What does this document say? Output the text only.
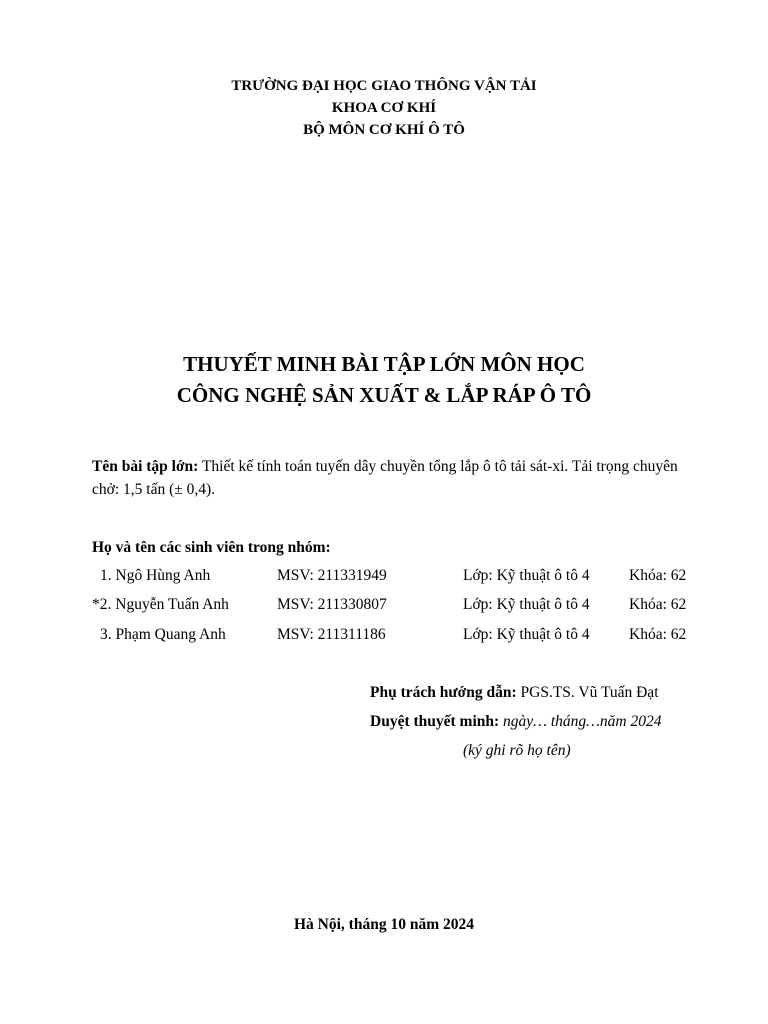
TRƯỜNG ĐẠI HỌC GIAO THÔNG VẬN TẢI
KHOA CƠ KHÍ
BỘ MÔN CƠ KHÍ Ô TÔ
THUYẾT MINH BÀI TẬP LỚN MÔN HỌC
CÔNG NGHỆ SẢN XUẤT & LẮP RÁP Ô TÔ
Tên bài tập lớn: Thiết kế tính toán tuyến dây chuyền tổng lắp ô tô tải sát-xi. Tải trọng chuyên chở: 1,5 tấn (± 0,4).
Họ và tên các sinh viên trong nhóm:
1. Ngô Hùng Anh	MSV: 211331949	Lớp: Kỹ thuật ô tô 4	Khóa: 62
*2. Nguyễn Tuấn Anh	MSV: 211330807	Lớp: Kỹ thuật ô tô 4	Khóa: 62
3. Phạm Quang Anh	MSV: 211311186	Lớp: Kỹ thuật ô tô 4	Khóa: 62
Phụ trách hướng dẫn: PGS.TS. Vũ Tuấn Đạt
Duyệt thuyết minh: ngày… tháng…năm 2024
(ký ghi rõ họ tên)
Hà Nội, tháng 10 năm 2024
